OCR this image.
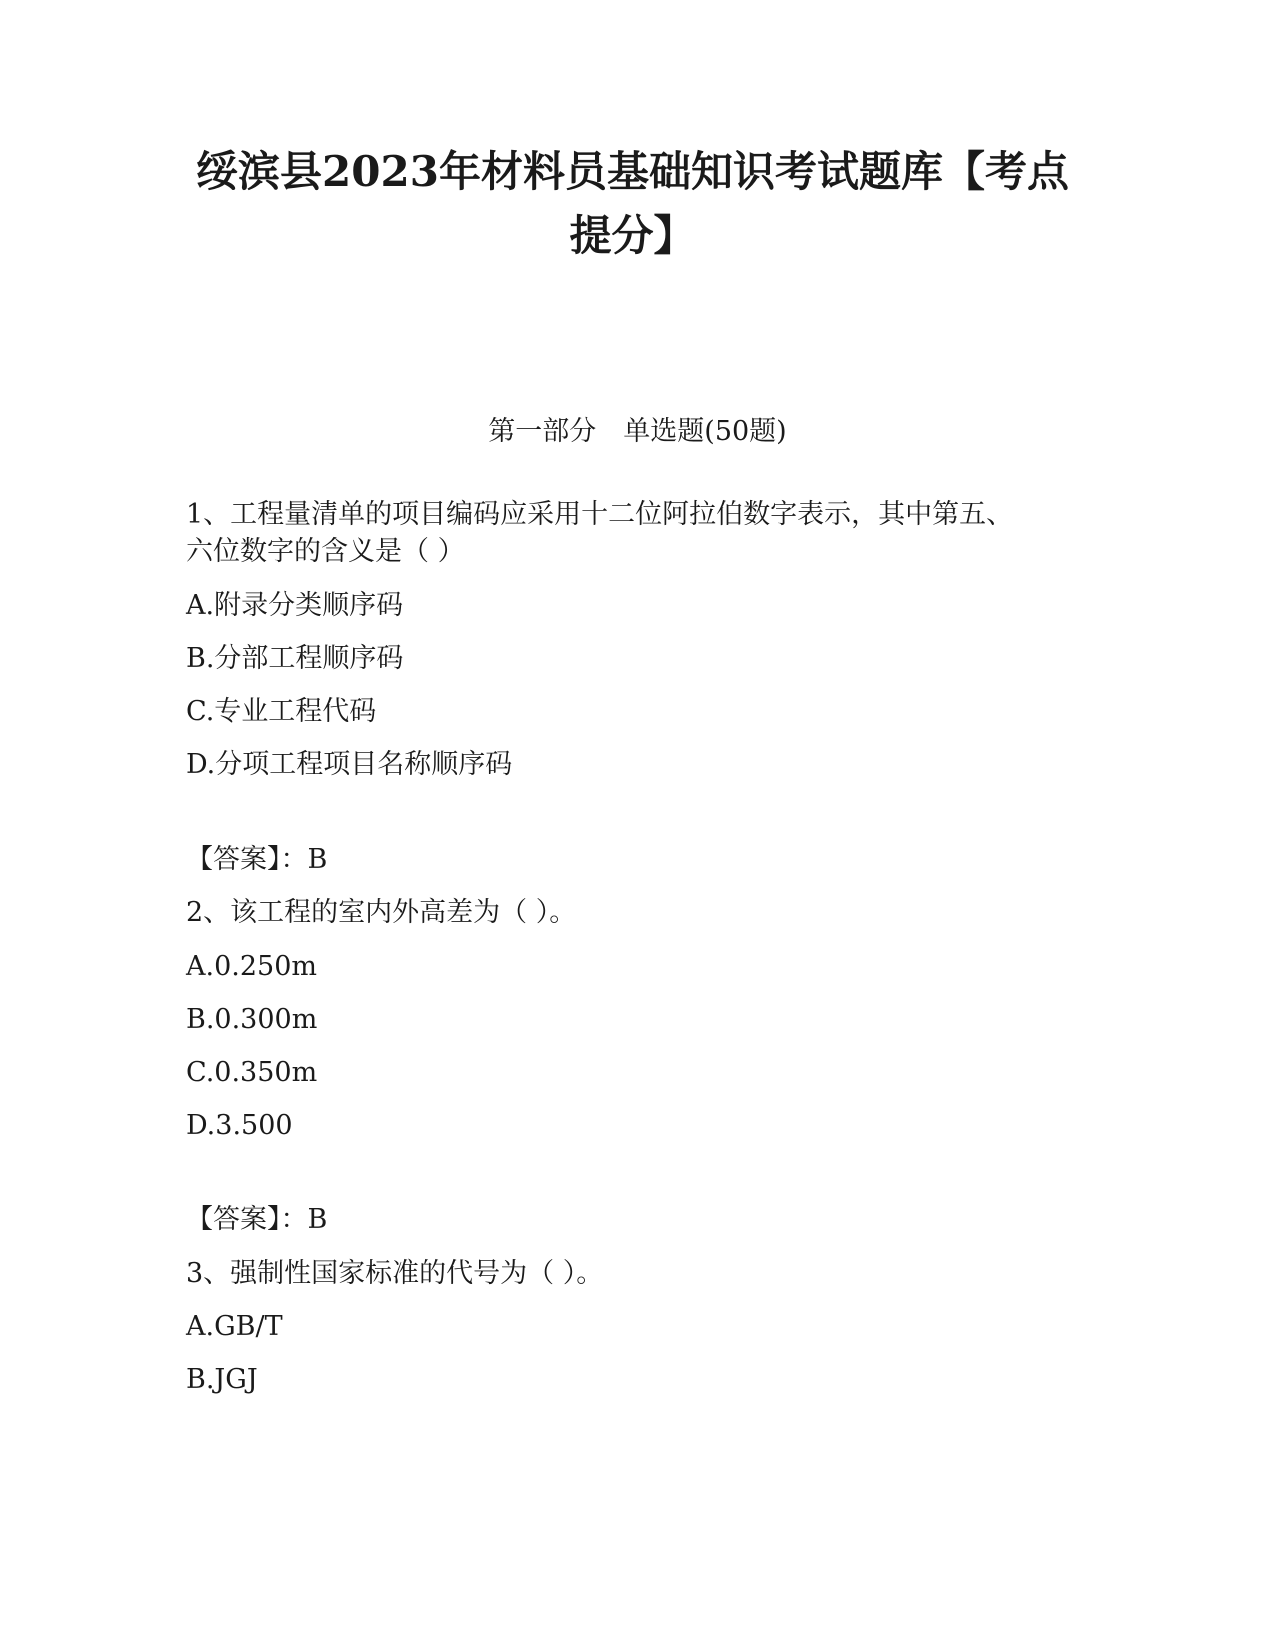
绥滨县2023年材料员基础知识考试题库【考点提分】
第一部分　单选题(50题)
1、工程量清单的项目编码应采用十二位阿拉伯数字表示，其中第五、
六位数字的含义是（ ）
A.附录分类顺序码
B.分部工程顺序码
C.专业工程代码
D.分项工程项目名称顺序码
【答案】：B
2、该工程的室内外高差为（ ）。
A.0.250m
B.0.300m
C.0.350m
D.3.500
【答案】：B
3、强制性国家标准的代号为（ ）。
A.GB/T
B.JGJ
